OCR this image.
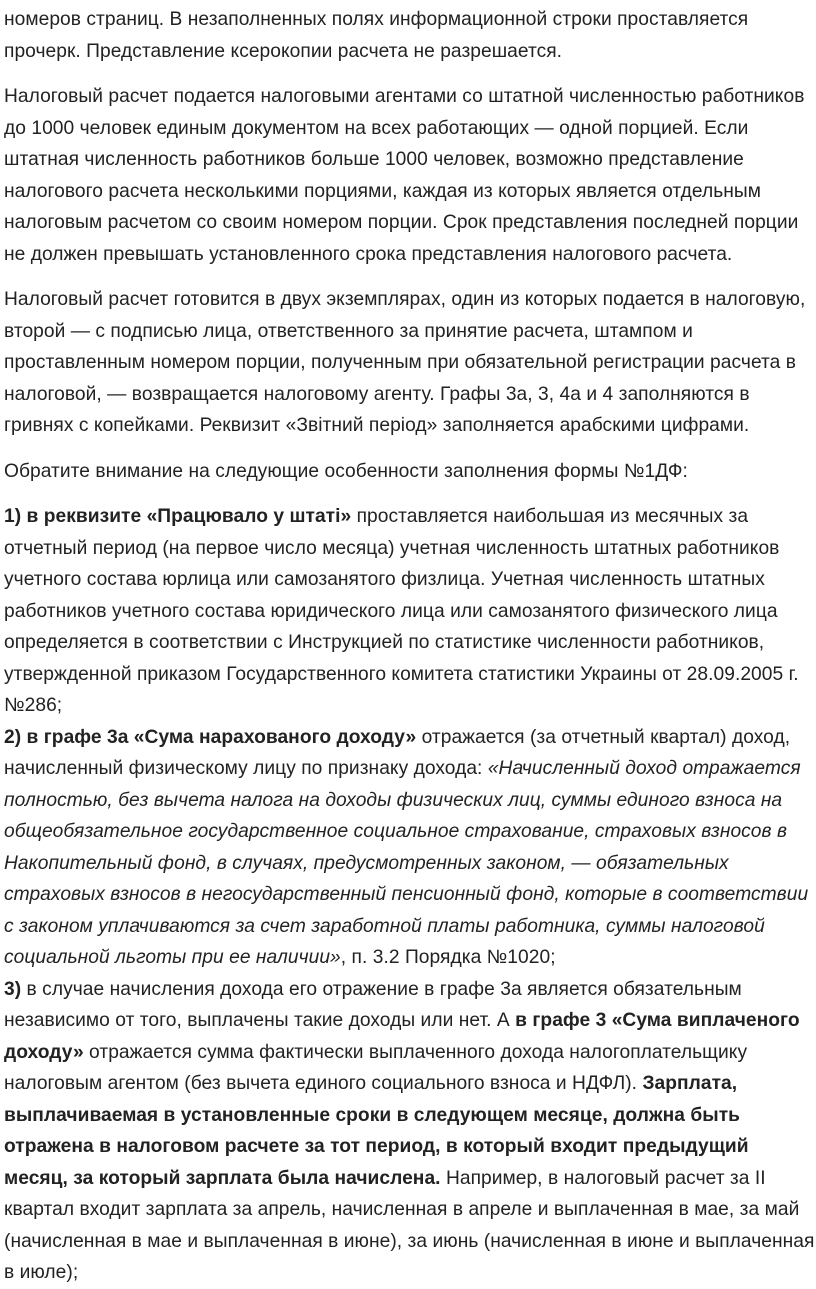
номеров страниц. В незаполненных полях информационной строки проставляется прочерк. Представление ксерокопии расчета не разрешается.

Налоговый расчет подается налоговыми агентами со штатной численностью работников до 1000 человек единым документом на всех работающих — одной порцией. Если штатная численность работников больше 1000 человек, возможно представление налогового расчета несколькими порциями, каждая из которых является отдельным налоговым расчетом со своим номером порции. Срок представления последней порции не должен превышать установленного срока представления налогового расчета.

Налоговый расчет готовится в двух экземплярах, один из которых подается в налоговую, второй — с подписью лица, ответственного за принятие расчета, штампом и проставленным номером порции, полученным при обязательной регистрации расчета в налоговой, — возвращается налоговому агенту. Графы 3а, 3, 4а и 4 заполняются в гривнях с копейками. Реквизит «Звітний період» заполняется арабскими цифрами.

Обратите внимание на следующие особенности заполнения формы №1ДФ:

1) в реквизите «Працювало у штаті» проставляется наибольшая из месячных за отчетный период (на первое число месяца) учетная численность штатных работников учетного состава юрлица или самозанятого физлица. Учетная численность штатных работников учетного состава юридического лица или самозанятого физического лица определяется в соответствии с Инструкцией по статистике численности работников, утвержденной приказом Государственного комитета статистики Украины от 28.09.2005 г. №286;

2) в графе 3а «Сума нарахованого доходу» отражается (за отчетный квартал) доход, начисленный физическому лицу по признаку дохода: «Начисленный доход отражается полностью, без вычета налога на доходы физических лиц, суммы единого взноса на общеобязательное государственное социальное страхование, страховых взносов в Накопительный фонд, в случаях, предусмотренных законом, — обязательных страховых взносов в негосударственный пенсионный фонд, которые в соответствии с законом уплачиваются за счет заработной платы работника, суммы налоговой социальной льготы при ее наличии», п. 3.2 Порядка №1020;

3) в случае начисления дохода его отражение в графе 3а является обязательным независимо от того, выплачены такие доходы или нет. А в графе 3 «Сума виплаченого доходу» отражается сумма фактически выплаченного дохода налогоплательщику налоговым агентом (без вычета единого социального взноса и НДФЛ). Зарплата, выплачиваемая в установленные сроки в следующем месяце, должна быть отражена в налоговом расчете за тот период, в который входит предыдущий месяц, за который зарплата была начислена. Например, в налоговый расчет за II квартал входит зарплата за апрель, начисленная в апреле и выплаченная в мае, за май (начисленная в мае и выплаченная в июне), за июнь (начисленная в июне и выплаченная в июле);
